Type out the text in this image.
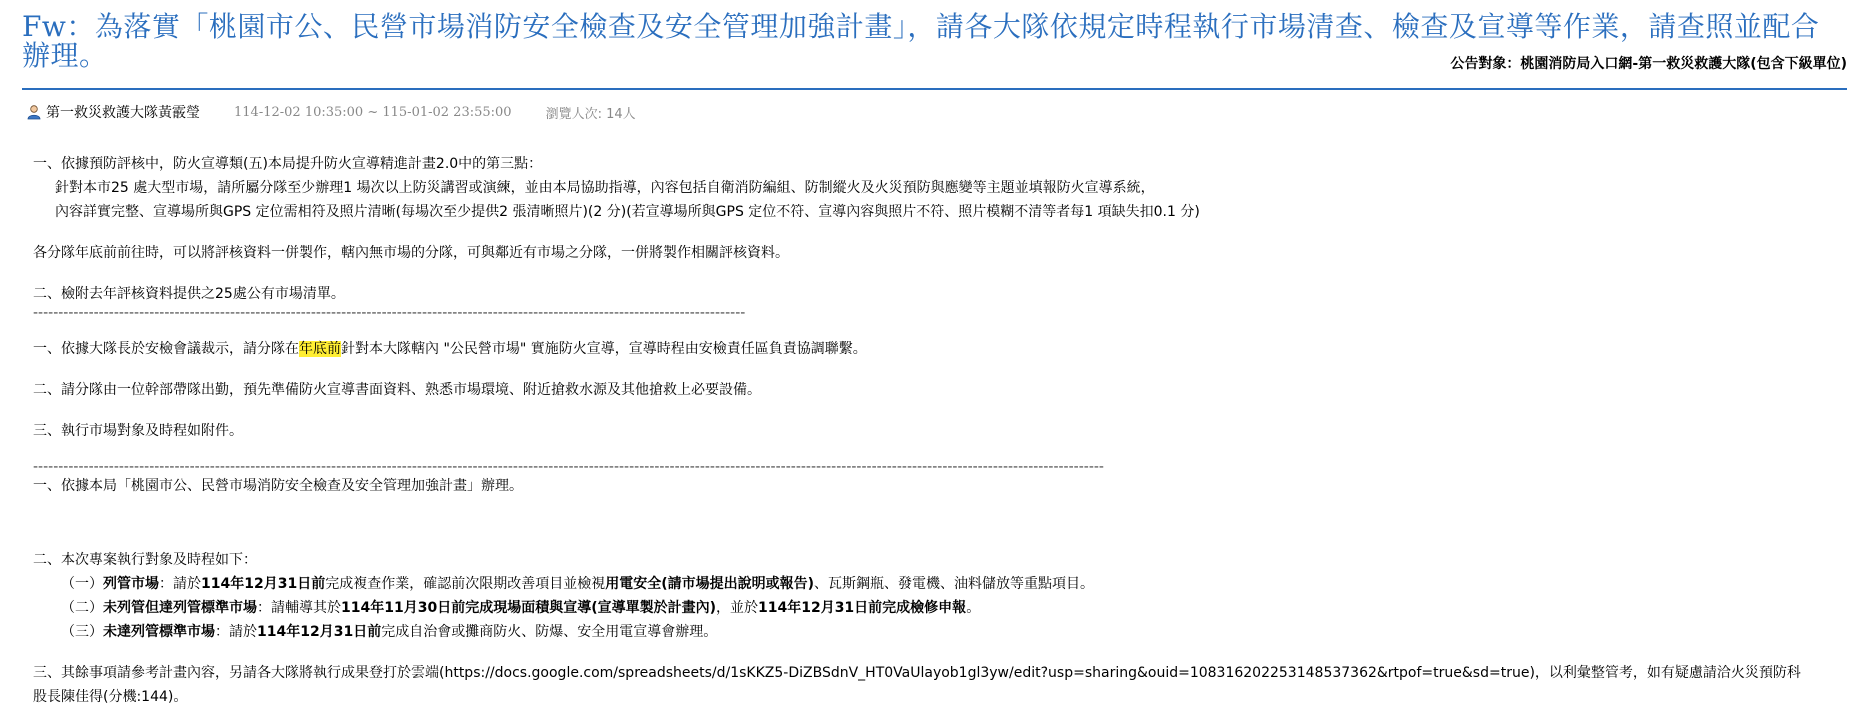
Fw：為落實「桃園市公、民營市場消防安全檢查及安全管理加強計畫」，請各大隊依規定時程執行市場清查、檢查及宣導等作業，請查照並配合辦理。	公告對象：桃園消防局入口網-第一救災救護大隊(包含下級單位)
第一救災救護大隊黃霰瑩	114-12-02 10:35:00 ~ 115-01-02 23:55:00	瀏覽人次: 14人
一、依據預防評核中，防火宣導類(五)本局提升防火宣導精進計畫2.0中的第三點：
針對本市25 處大型市場，請所屬分隊至少辦理1 場次以上防災講習或演練，並由本局協助指導，內容包括自衛消防編組、防制縱火及火災預防與應變等主題並填報防火宣導系統，
內容詳實完整、宣導場所與GPS 定位需相符及照片清晰(每場次至少提供2 張清晰照片)(2 分)(若宣導場所與GPS 定位不符、宣導內容與照片不符、照片模糊不清等者每1 項缺失扣0.1 分)
各分隊年底前前往時，可以將評核資料一併製作，轄內無市場的分隊，可與鄰近有市場之分隊，一併將製作相關評核資料。
二、檢附去年評核資料提供之25處公有市場清單。
---------------------------------------------------------------------------------------------------------------------------------------------
一、依據大隊長於安檢會議裁示，請分隊在年底前針對本大隊轄內 "公民營市場" 實施防火宣導，宣導時程由安檢責任區負責協調聯繫。
二、請分隊由一位幹部帶隊出勤，預先準備防火宣導書面資料、熟悉市場環境、附近搶救水源及其他搶救上必要設備。
三、執行市場對象及時程如附件。
--------------------------------------------------------------------------------------------------------------------------------------------------------------------------------------------------------------------
一、依據本局「桃園市公、民營市場消防安全檢查及安全管理加強計畫」辦理。
二、本次專案執行對象及時程如下：
（一）列管市場：請於114年12月31日前完成複查作業，確認前次限期改善項目並檢視用電安全(請市場提出說明或報告)、瓦斯鋼瓶、發電機、油料儲放等重點項目。
（二）未列管但達列管標準市場：請輔導其於114年11月30日前完成現場面積與宣導(宣導單製於計畫內)，並於114年12月31日前完成檢修申報。
（三）未達列管標準市場：請於114年12月31日前完成自治會或攤商防火、防爆、安全用電宣導會辦理。
三、其餘事項請參考計畫內容，另請各大隊將執行成果登打於雲端(https://docs.google.com/spreadsheets/d/1sKKZ5-DiZBSdnV_HT0VaUlayob1gl3yw/edit?usp=sharing&ouid=108316202253148537362&rtpof=true&sd=true)，以利彙整管考，如有疑慮請洽火災預防科
股長陳佳得(分機:144)。
